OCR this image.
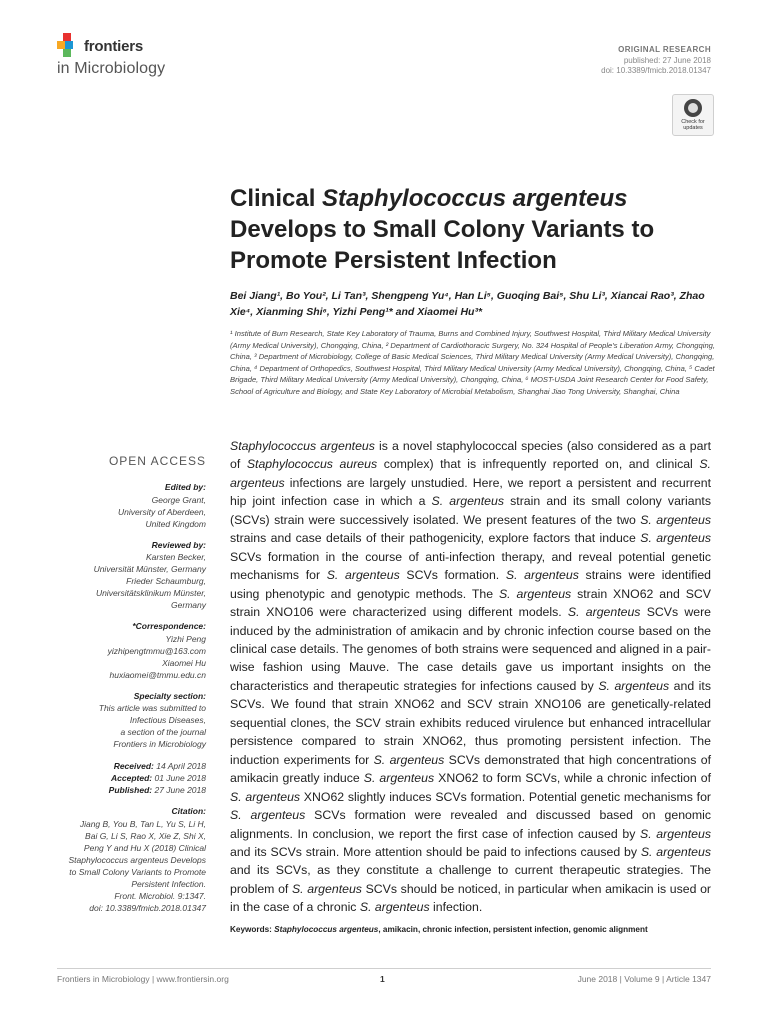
frontiers
in Microbiology
ORIGINAL RESEARCH
published: 27 June 2018
doi: 10.3389/fmicb.2018.01347
Check for updates
Clinical Staphylococcus argenteus Develops to Small Colony Variants to Promote Persistent Infection
Bei Jiang¹, Bo You², Li Tan³, Shengpeng Yu⁴, Han Li⁵, Guoqing Bai⁵, Shu Li³, Xiancai Rao³, Zhao Xie⁴, Xianming Shi⁶, Yizhi Peng¹* and Xiaomei Hu³*
¹ Institute of Burn Research, State Key Laboratory of Trauma, Burns and Combined Injury, Southwest Hospital, Third Military Medical University (Army Medical University), Chongqing, China, ² Department of Cardiothoracic Surgery, No. 324 Hospital of People's Liberation Army, Chongqing, China, ³ Department of Microbiology, College of Basic Medical Sciences, Third Military Medical University (Army Medical University), Chongqing, China, ⁴ Department of Orthopedics, Southwest Hospital, Third Military Medical University (Army Medical University), Chongqing, China, ⁵ Cadet Brigade, Third Military Medical University (Army Medical University), Chongqing, China, ⁶ MOST-USDA Joint Research Center for Food Safety, School of Agriculture and Biology, and State Key Laboratory of Microbial Metabolism, Shanghai Jiao Tong University, Shanghai, China
OPEN ACCESS
Edited by:
George Grant,
University of Aberdeen,
United Kingdom
Reviewed by:
Karsten Becker,
Universität Münster, Germany
Frieder Schaumburg,
Universitätsklinikum Münster,
Germany
*Correspondence:
Yizhi Peng
yizhipengtmmu@163.com
Xiaomei Hu
huxiaomei@tmmu.edu.cn
Specialty section:
This article was submitted to
Infectious Diseases,
a section of the journal
Frontiers in Microbiology
Received: 14 April 2018
Accepted: 01 June 2018
Published: 27 June 2018
Citation:
Jiang B, You B, Tan L, Yu S, Li H,
Bai G, Li S, Rao X, Xie Z, Shi X,
Peng Y and Hu X (2018) Clinical
Staphylococcus argenteus Develops
to Small Colony Variants to Promote
Persistent Infection.
Front. Microbiol. 9:1347.
doi: 10.3389/fmicb.2018.01347
Staphylococcus argenteus is a novel staphylococcal species (also considered as a part of Staphylococcus aureus complex) that is infrequently reported on, and clinical S. argenteus infections are largely unstudied. Here, we report a persistent and recurrent hip joint infection case in which a S. argenteus strain and its small colony variants (SCVs) strain were successively isolated. We present features of the two S. argenteus strains and case details of their pathogenicity, explore factors that induce S. argenteus SCVs formation in the course of anti-infection therapy, and reveal potential genetic mechanisms for S. argenteus SCVs formation. S. argenteus strains were identified using phenotypic and genotypic methods. The S. argenteus strain XNO62 and SCV strain XNO106 were characterized using different models. S. argenteus SCVs were induced by the administration of amikacin and by chronic infection course based on the clinical case details. The genomes of both strains were sequenced and aligned in a pair-wise fashion using Mauve. The case details gave us important insights on the characteristics and therapeutic strategies for infections caused by S. argenteus and its SCVs. We found that strain XNO62 and SCV strain XNO106 are genetically-related sequential clones, the SCV strain exhibits reduced virulence but enhanced intracellular persistence compared to strain XNO62, thus promoting persistent infection. The induction experiments for S. argenteus SCVs demonstrated that high concentrations of amikacin greatly induce S. argenteus XNO62 to form SCVs, while a chronic infection of S. argenteus XNO62 slightly induces SCVs formation. Potential genetic mechanisms for S. argenteus SCVs formation were revealed and discussed based on genomic alignments. In conclusion, we report the first case of infection caused by S. argenteus and its SCVs strain. More attention should be paid to infections caused by S. argenteus and its SCVs, as they constitute a challenge to current therapeutic strategies. The problem of S. argenteus SCVs should be noticed, in particular when amikacin is used or in the case of a chronic S. argenteus infection.
Keywords: Staphylococcus argenteus, amikacin, chronic infection, persistent infection, genomic alignment
Frontiers in Microbiology | www.frontiersin.org	1	June 2018 | Volume 9 | Article 1347
